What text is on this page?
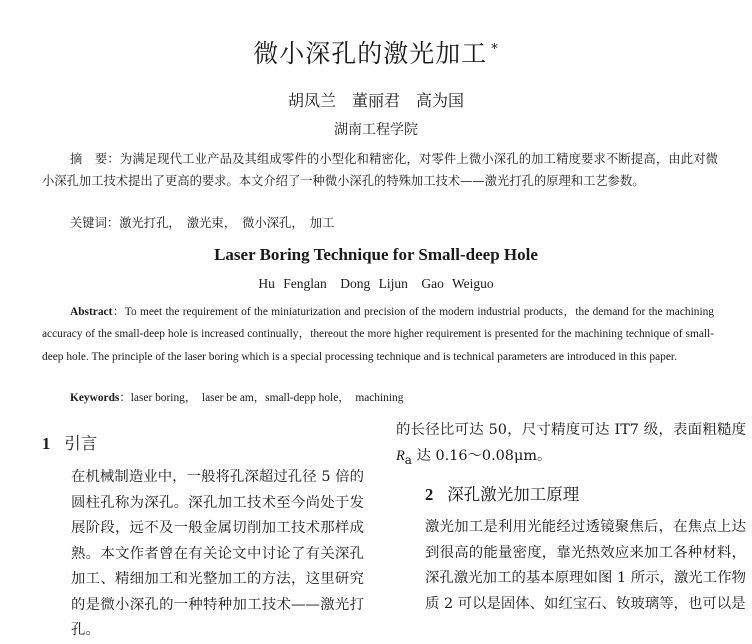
微小深孔的激光加工 *
胡凤兰　董丽君　高为国
湖南工程学院
摘　要：为满足现代工业产品及其组成零件的小型化和精密化，对零件上微小深孔的加工精度要求不断提高，由此对微小深孔加工技术提出了更高的要求。本文介绍了一种微小深孔的特殊加工技术——激光打孔的原理和工艺参数。
关键词：激光打孔，　激光束，　微小深孔，　加工
Laser Boring Technique for Small-deep Hole
Hu Fenglan　Dong Lijun　Gao Weiguo
Abstract：To meet the requirement of the miniaturization and precision of the modern industrial products，the demand for the machining accuracy of the small-deep hole is increased continually，thereout the more higher requirement is presented for the machining technique of small-deep hole. The principle of the laser boring which is a special processing technique and is technical parameters are introduced in this paper.
Keywords：laser boring，　laser be am，small-depp hole，　machining
1 引言
在机械制造业中，一般将孔深超过孔径 5 倍的圆柱孔称为深孔。深孔加工技术至今尚处于发展阶段，远不及一般金属切削加工技术那样成熟。本文作者曾在有关论文中讨论了有关深孔加工、精细加工和光整加工的方法，这里研究的是微小深孔的一种特种加工技术——激光打孔。
的长径比可达 50，尺寸精度可达 IT7 级，表面粗糙度 $R_a$ 达 0.16～0.08μm。
2 深孔激光加工原理
激光加工是利用光能经过透镜聚焦后，在焦点上达到很高的能量密度，靠光热效应来加工各种材料，深孔激光加工的基本原理如图 1 所示，激光工作物质 2 可以是固体、如红宝石、钕玻璃等，也可以是
